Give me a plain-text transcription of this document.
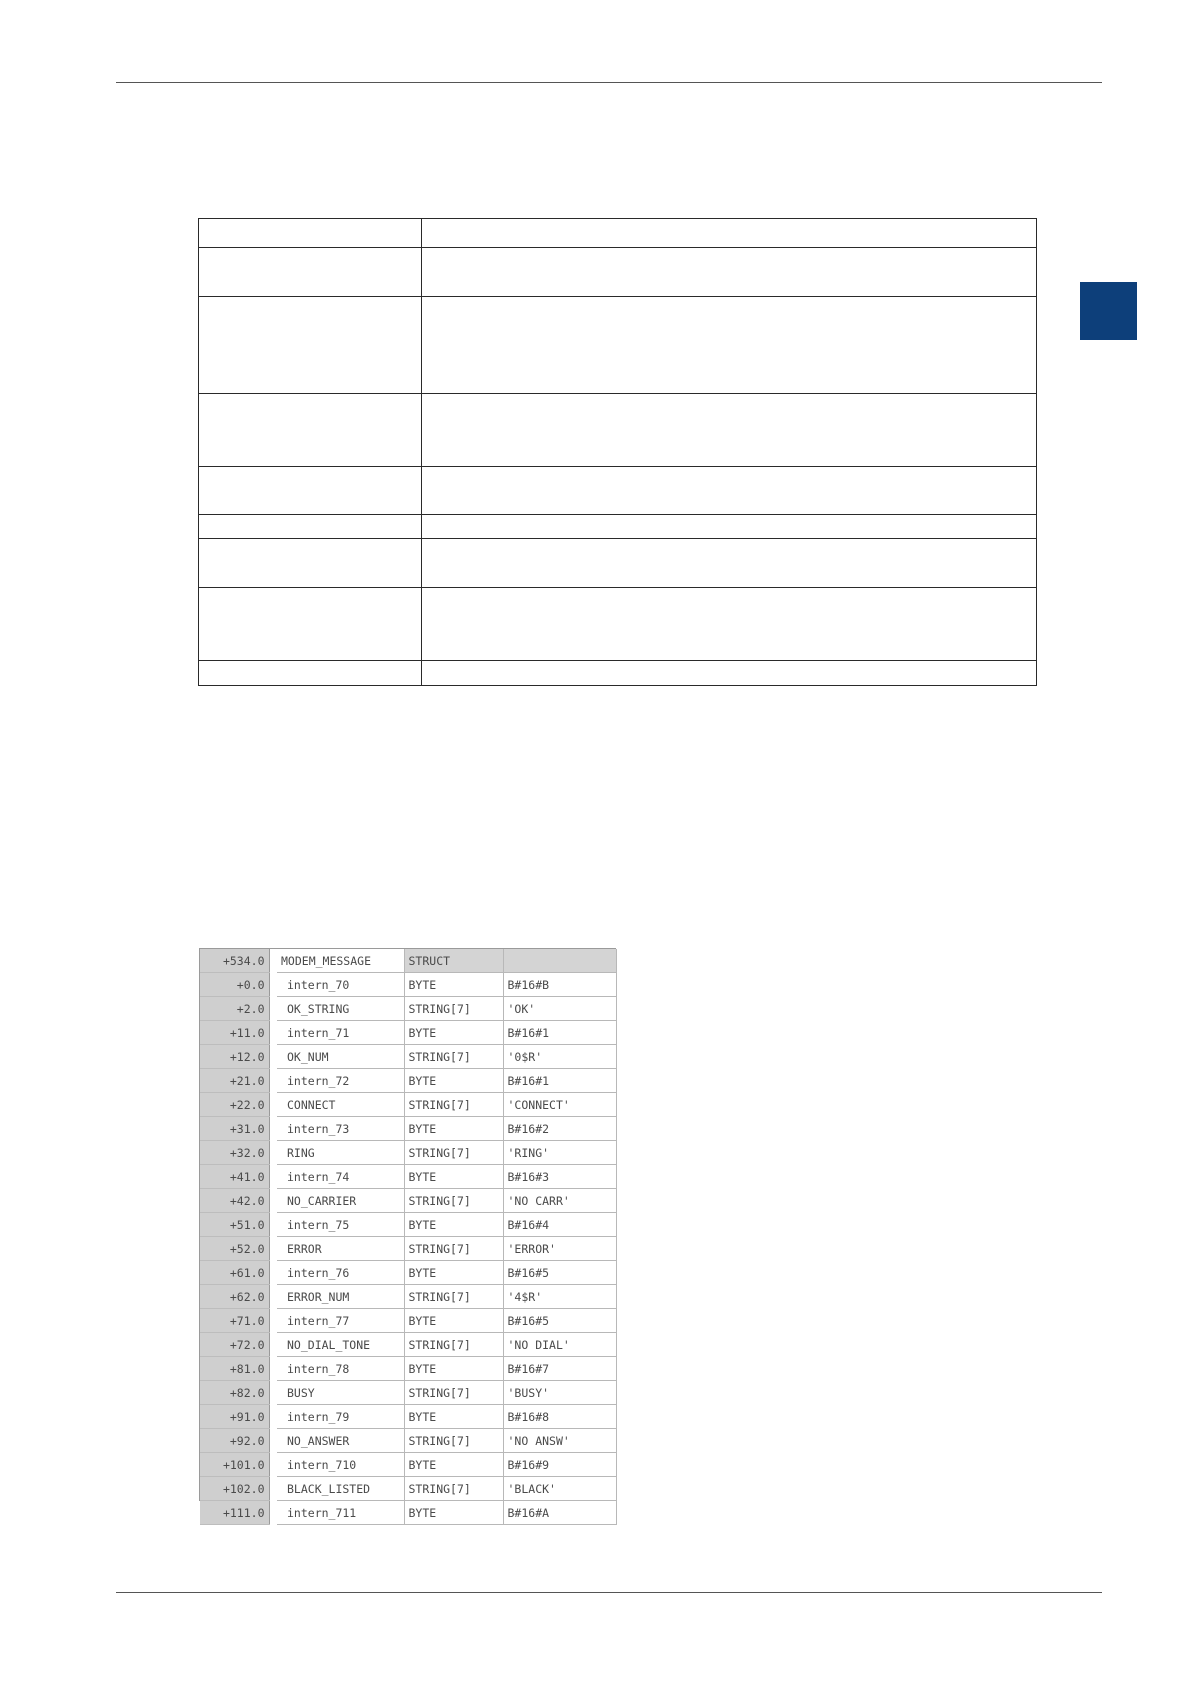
+534.0		MODEM_MESSAGE	STRUCT	
+0.0		intern_70	BYTE	B#16#B
+2.0		OK_STRING	STRING[7]	'OK'
+11.0		intern_71	BYTE	B#16#1
+12.0		OK_NUM	STRING[7]	'0$R'
+21.0		intern_72	BYTE	B#16#1
+22.0		CONNECT	STRING[7]	'CONNECT'
+31.0		intern_73	BYTE	B#16#2
+32.0		RING	STRING[7]	'RING'
+41.0		intern_74	BYTE	B#16#3
+42.0		NO_CARRIER	STRING[7]	'NO CARR'
+51.0		intern_75	BYTE	B#16#4
+52.0		ERROR	STRING[7]	'ERROR'
+61.0		intern_76	BYTE	B#16#5
+62.0		ERROR_NUM	STRING[7]	'4$R'
+71.0		intern_77	BYTE	B#16#5
+72.0		NO_DIAL_TONE	STRING[7]	'NO DIAL'
+81.0		intern_78	BYTE	B#16#7
+82.0		BUSY	STRING[7]	'BUSY'
+91.0		intern_79	BYTE	B#16#8
+92.0		NO_ANSWER	STRING[7]	'NO ANSW'
+101.0		intern_710	BYTE	B#16#9
+102.0		BLACK_LISTED	STRING[7]	'BLACK'
+111.0		intern_711	BYTE	B#16#A
